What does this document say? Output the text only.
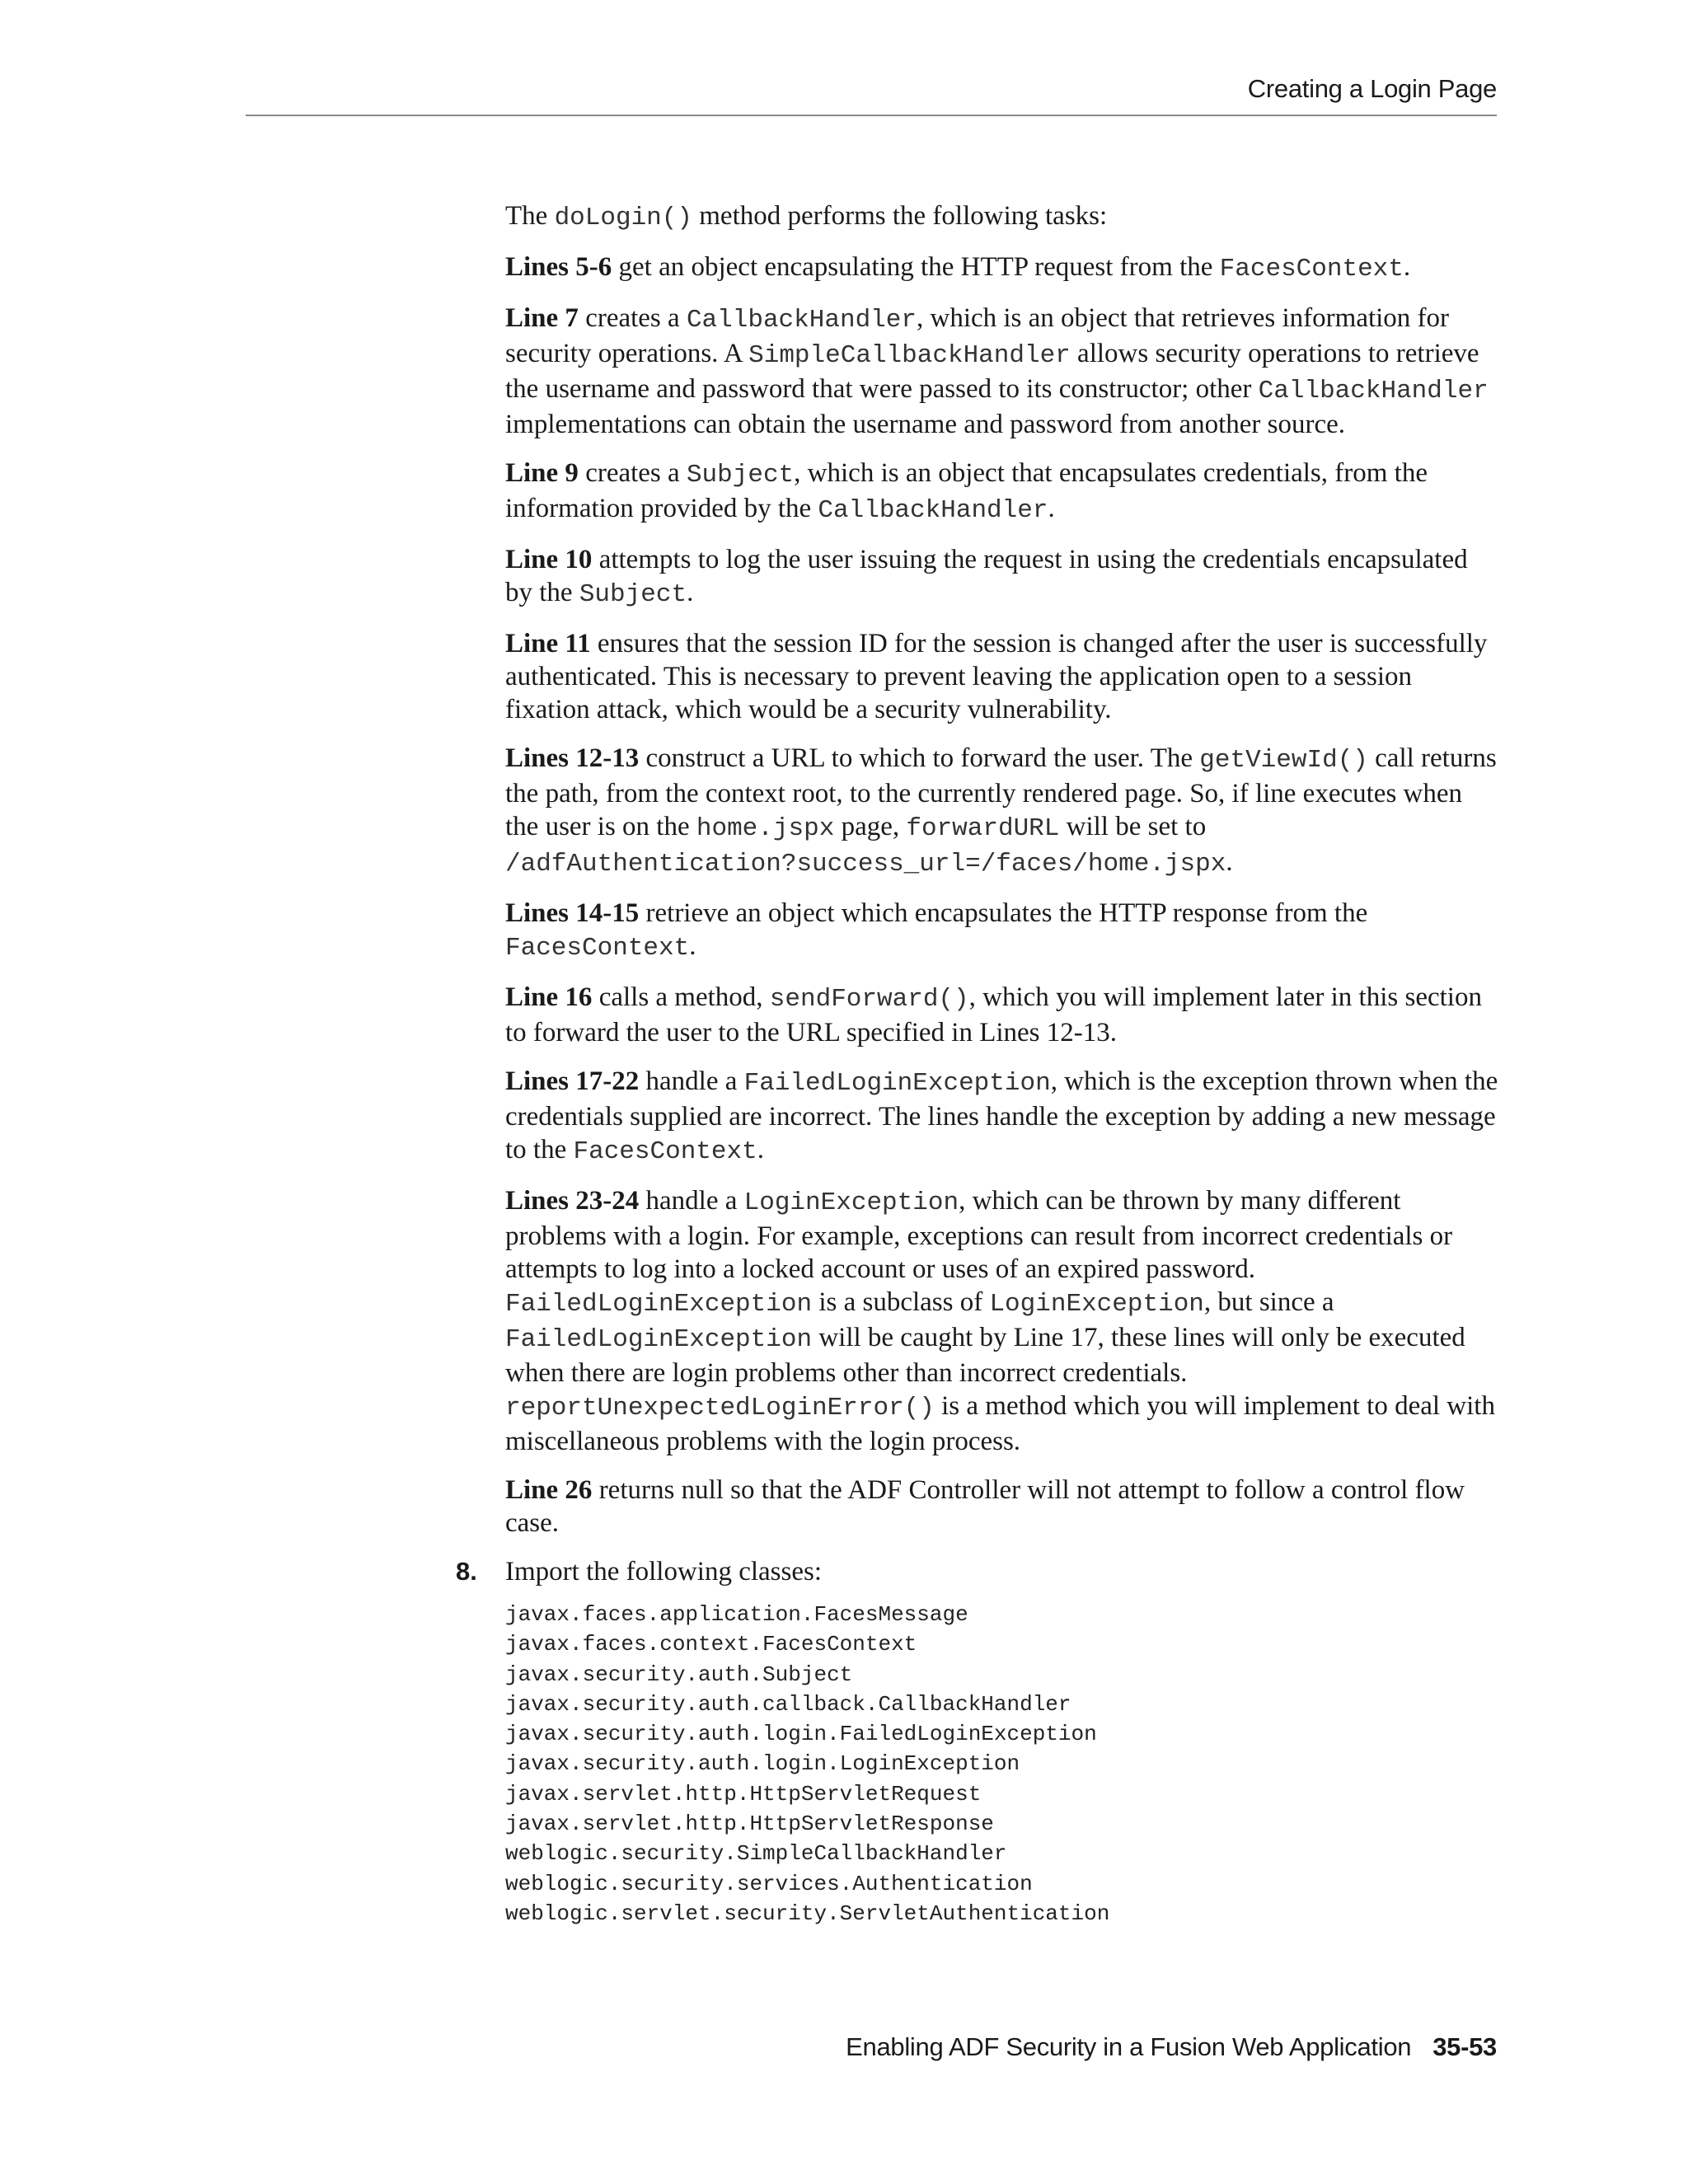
Creating a Login Page

The doLogin() method performs the following tasks:

Lines 5-6 get an object encapsulating the HTTP request from the FacesContext.

Line 7 creates a CallbackHandler, which is an object that retrieves information for security operations. A SimpleCallbackHandler allows security operations to retrieve the username and password that were passed to its constructor; other CallbackHandler implementations can obtain the username and password from another source.

Line 9 creates a Subject, which is an object that encapsulates credentials, from the information provided by the CallbackHandler.

Line 10 attempts to log the user issuing the request in using the credentials encapsulated by the Subject.

Line 11 ensures that the session ID for the session is changed after the user is successfully authenticated. This is necessary to prevent leaving the application open to a session fixation attack, which would be a security vulnerability.

Lines 12-13 construct a URL to which to forward the user. The getViewId() call returns the path, from the context root, to the currently rendered page. So, if line executes when the user is on the home.jspx page, forwardURL will be set to /adfAuthentication?success_url=/faces/home.jspx.

Lines 14-15 retrieve an object which encapsulates the HTTP response from the FacesContext.

Line 16 calls a method, sendForward(), which you will implement later in this section to forward the user to the URL specified in Lines 12-13.

Lines 17-22 handle a FailedLoginException, which is the exception thrown when the credentials supplied are incorrect. The lines handle the exception by adding a new message to the FacesContext.

Lines 23-24 handle a LoginException, which can be thrown by many different problems with a login. For example, exceptions can result from incorrect credentials or attempts to log into a locked account or uses of an expired password. FailedLoginException is a subclass of LoginException, but since a FailedLoginException will be caught by Line 17, these lines will only be executed when there are login problems other than incorrect credentials. reportUnexpectedLoginError() is a method which you will implement to deal with miscellaneous problems with the login process.

Line 26 returns null so that the ADF Controller will not attempt to follow a control flow case.

8. Import the following classes:
javax.faces.application.FacesMessage
javax.faces.context.FacesContext
javax.security.auth.Subject
javax.security.auth.callback.CallbackHandler
javax.security.auth.login.FailedLoginException
javax.security.auth.login.LoginException
javax.servlet.http.HttpServletRequest
javax.servlet.http.HttpServletResponse
weblogic.security.SimpleCallbackHandler
weblogic.security.services.Authentication
weblogic.servlet.security.ServletAuthentication
Enabling ADF Security in a Fusion Web Application 35-53
